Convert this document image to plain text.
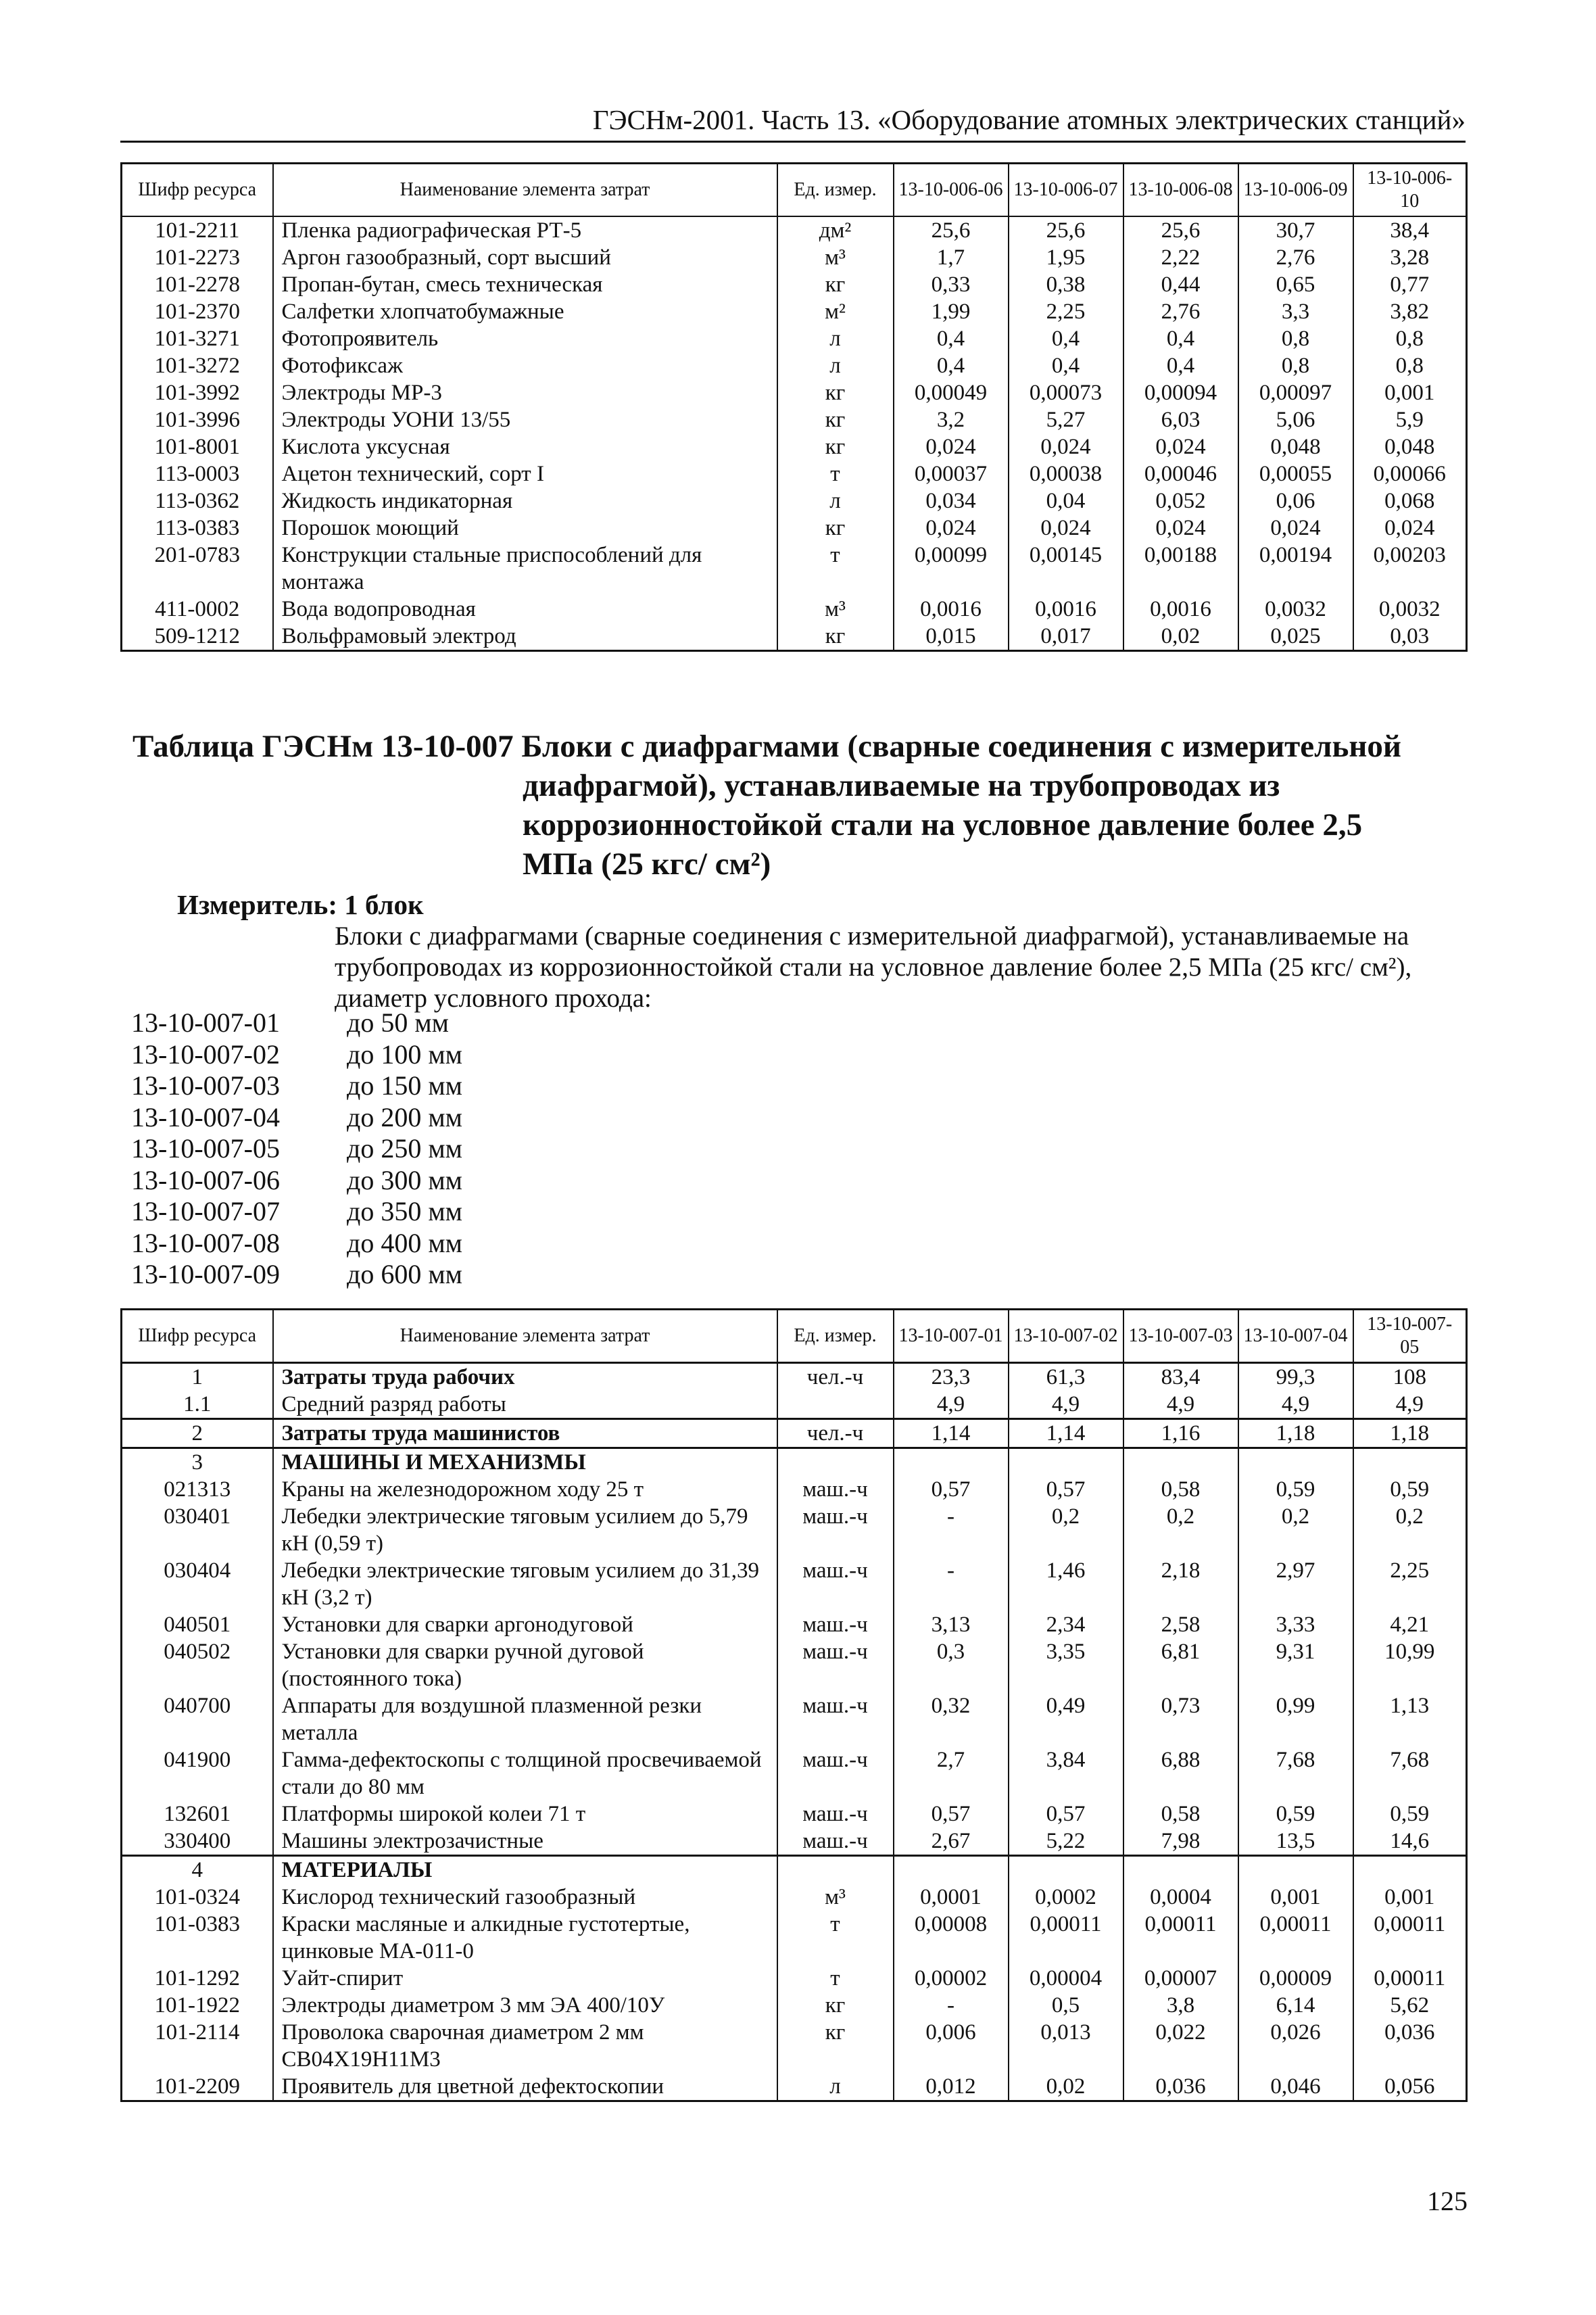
ГЭСНм-2001. Часть 13. «Оборудование атомных электрических станций»
Шифр ресурса	Наименование элемента затрат	Ед. измер.	13-10-006-06	13-10-006-07	13-10-006-08	13-10-006-09	13-10-006-10
101-2211	Пленка радиографическая РТ-5	дм²	25,6	25,6	25,6	30,7	38,4
101-2273	Аргон газообразный, сорт высший	м³	1,7	1,95	2,22	2,76	3,28
101-2278	Пропан-бутан, смесь техническая	кг	0,33	0,38	0,44	0,65	0,77
101-2370	Салфетки хлопчатобумажные	м²	1,99	2,25	2,76	3,3	3,82
101-3271	Фотопроявитель	л	0,4	0,4	0,4	0,8	0,8
101-3272	Фотофиксаж	л	0,4	0,4	0,4	0,8	0,8
101-3992	Электроды МР-3	кг	0,00049	0,00073	0,00094	0,00097	0,001
101-3996	Электроды УОНИ 13/55	кг	3,2	5,27	6,03	5,06	5,9
101-8001	Кислота уксусная	кг	0,024	0,024	0,024	0,048	0,048
113-0003	Ацетон технический, сорт I	т	0,00037	0,00038	0,00046	0,00055	0,00066
113-0362	Жидкость индикаторная	л	0,034	0,04	0,052	0,06	0,068
113-0383	Порошок моющий	кг	0,024	0,024	0,024	0,024	0,024
201-0783	Конструкции стальные приспособлений для монтажа	т	0,00099	0,00145	0,00188	0,00194	0,00203
411-0002	Вода водопроводная	м³	0,0016	0,0016	0,0016	0,0032	0,0032
509-1212	Вольфрамовый электрод	кг	0,015	0,017	0,02	0,025	0,03
Таблица ГЭСНм 13-10-007 Блоки с диафрагмами (сварные соединения с измерительной
диафрагмой), устанавливаемые на трубопроводах из
коррозионностойкой стали на условное давление более 2,5
МПа (25 кгс/ см²)
Измеритель: 1 блок
Блоки с диафрагмами (сварные соединения с измерительной диафрагмой), устанавливаемые на трубопроводах из коррозионностойкой стали на условное давление более 2,5 МПа (25 кгс/ см²), диаметр условного прохода:
13-10-007-01	до 50 мм
13-10-007-02	до 100 мм
13-10-007-03	до 150 мм
13-10-007-04	до 200 мм
13-10-007-05	до 250 мм
13-10-007-06	до 300 мм
13-10-007-07	до 350 мм
13-10-007-08	до 400 мм
13-10-007-09	до 600 мм
Шифр ресурса	Наименование элемента затрат	Ед. измер.	13-10-007-01	13-10-007-02	13-10-007-03	13-10-007-04	13-10-007-05
1	Затраты труда рабочих	чел.-ч	23,3	61,3	83,4	99,3	108
1.1	Средний разряд работы		4,9	4,9	4,9	4,9	4,9
2	Затраты труда машинистов	чел.-ч	1,14	1,14	1,16	1,18	1,18
3	МАШИНЫ И МЕХАНИЗМЫ						
021313	Краны на железнодорожном ходу 25 т	маш.-ч	0,57	0,57	0,58	0,59	0,59
030401	Лебедки электрические тяговым усилием до 5,79 кН (0,59 т)	маш.-ч	-	0,2	0,2	0,2	0,2
030404	Лебедки электрические тяговым усилием до 31,39 кН (3,2 т)	маш.-ч	-	1,46	2,18	2,97	2,25
040501	Установки для сварки аргонодуговой	маш.-ч	3,13	2,34	2,58	3,33	4,21
040502	Установки для сварки ручной дуговой (постоянного тока)	маш.-ч	0,3	3,35	6,81	9,31	10,99
040700	Аппараты для воздушной плазменной резки металла	маш.-ч	0,32	0,49	0,73	0,99	1,13
041900	Гамма-дефектоскопы с толщиной просвечиваемой стали до 80 мм	маш.-ч	2,7	3,84	6,88	7,68	7,68
132601	Платформы широкой колеи 71 т	маш.-ч	0,57	0,57	0,58	0,59	0,59
330400	Машины электрозачистные	маш.-ч	2,67	5,22	7,98	13,5	14,6
4	МАТЕРИАЛЫ						
101-0324	Кислород технический газообразный	м³	0,0001	0,0002	0,0004	0,001	0,001
101-0383	Краски масляные и алкидные густотертые, цинковые МА-011-0	т	0,00008	0,00011	0,00011	0,00011	0,00011
101-1292	Уайт-спирит	т	0,00002	0,00004	0,00007	0,00009	0,00011
101-1922	Электроды диаметром 3 мм ЭА 400/10У	кг	-	0,5	3,8	6,14	5,62
101-2114	Проволока сварочная диаметром 2 мм СВ04Х19Н11М3	кг	0,006	0,013	0,022	0,026	0,036
101-2209	Проявитель для цветной дефектоскопии	л	0,012	0,02	0,036	0,046	0,056
125
